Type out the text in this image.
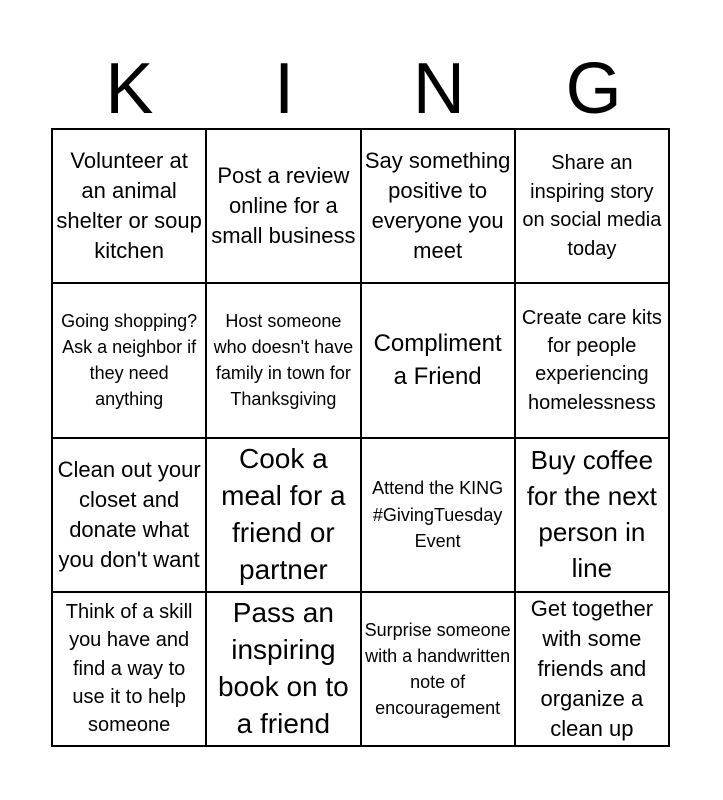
K	I	N	G
Volunteer at an animal shelter or soup kitchen
Post a review online for a small business
Say something positive to everyone you meet
Share an inspiring story on social media today
Going shopping? Ask a neighbor if they need anything
Host someone who doesn't have family in town for Thanksgiving
Compliment a Friend
Create care kits for people experiencing homelessness
Clean out your closet and donate what you don't want
Cook a meal for a friend or partner
Attend the KING #GivingTuesday Event
Buy coffee for the next person in line
Think of a skill you have and find a way to use it to help someone
Pass an inspiring book on to a friend
Surprise someone with a handwritten note of encouragement
Get together with some friends and organize a clean up
